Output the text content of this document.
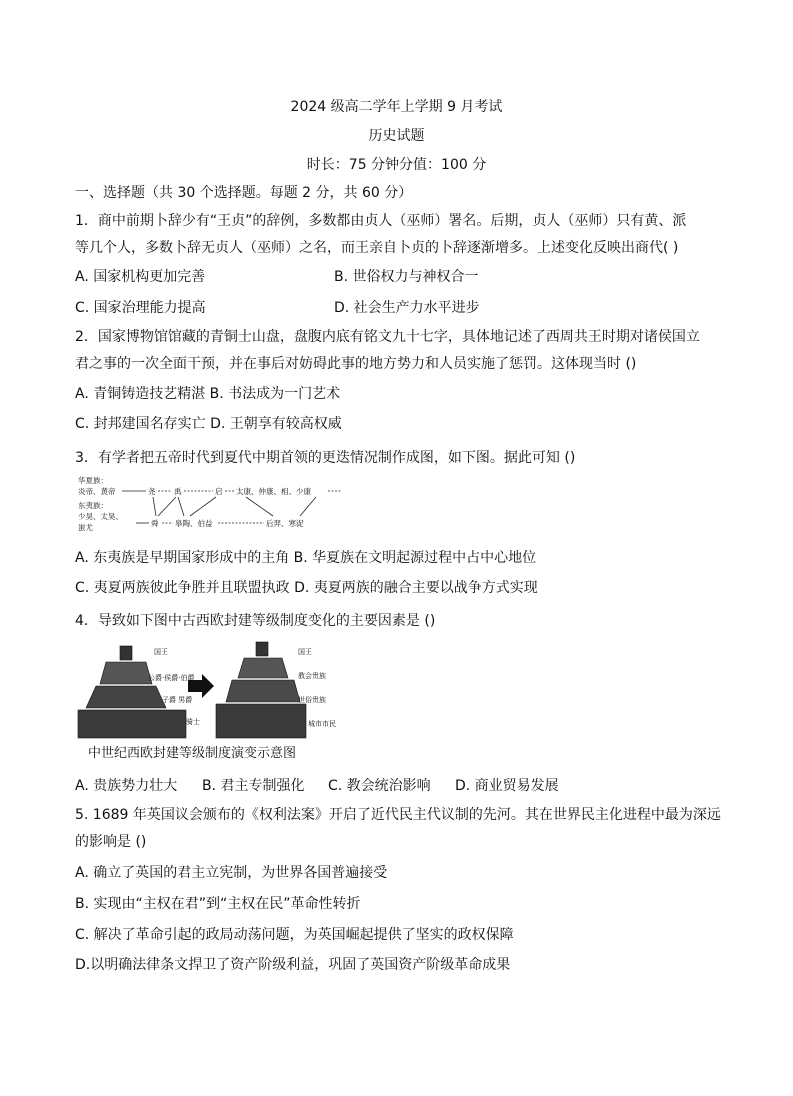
2024 级高二学年上学期 9 月考试
历史试题
时长：75 分钟分值：100 分
一、选择题（共 30 个选择题。每题 2 分，共 60 分）
1．商中前期卜辞少有“王贞”的辞例，多数都由贞人（巫师）署名。后期，贞人（巫师）只有黄、派
等几个人，多数卜辞无贞人（巫师）之名，而王亲自卜贞的卜辞逐渐增多。上述变化反映出商代( )
A. 国家机构更加完善	B. 世俗权力与神权合一
C. 国家治理能力提高	D. 社会生产力水平进步
2．国家博物馆馆藏的青铜士山盘，盘腹内底有铭文九十七字，具体地记述了西周共王时期对诸侯国立
君之事的一次全面干预，并在事后对妨碍此事的地方势力和人员实施了惩罚。这体现当时 ()
A. 青铜铸造技艺精湛 B. 书法成为一门艺术
C. 封邦建国名存实亡 D. 王朝享有较高权威
3．有学者把五帝时代到夏代中期首领的更迭情况制作成图，如下图。据此可知 ()
华夏族：
炎帝、黄帝	尧 禹	启 太康、仲康、相、少康
东夷族：
少昊、太昊、
蚩尤	舜 皋陶、伯益	后羿、寒浞
A. 东夷族是早期国家形成中的主角 B. 华夏族在文明起源过程中占中心地位
C. 夷夏两族彼此争胜并且联盟执政 D. 夷夏两族的融合主要以战争方式实现
4．导致如下图中古西欧封建等级制度变化的主要因素是 ()
国王
公爵·侯爵·伯爵
子爵 男爵
骑士
国王
教会贵族
世俗贵族
城市市民
中世纪西欧封建等级制度演变示意图
A. 贵族势力壮大 B. 君主专制强化 C. 教会统治影响 D. 商业贸易发展
5. 1689 年英国议会颁布的《权利法案》开启了近代民主代议制的先河。其在世界民主化进程中最为深远
的影响是 ()
A. 确立了英国的君主立宪制，为世界各国普遍接受
B. 实现由“主权在君”到“主权在民”革命性转折
C. 解决了革命引起的政局动荡问题，为英国崛起提供了坚实的政权保障
D.以明确法律条文捍卫了资产阶级利益，巩固了英国资产阶级革命成果
